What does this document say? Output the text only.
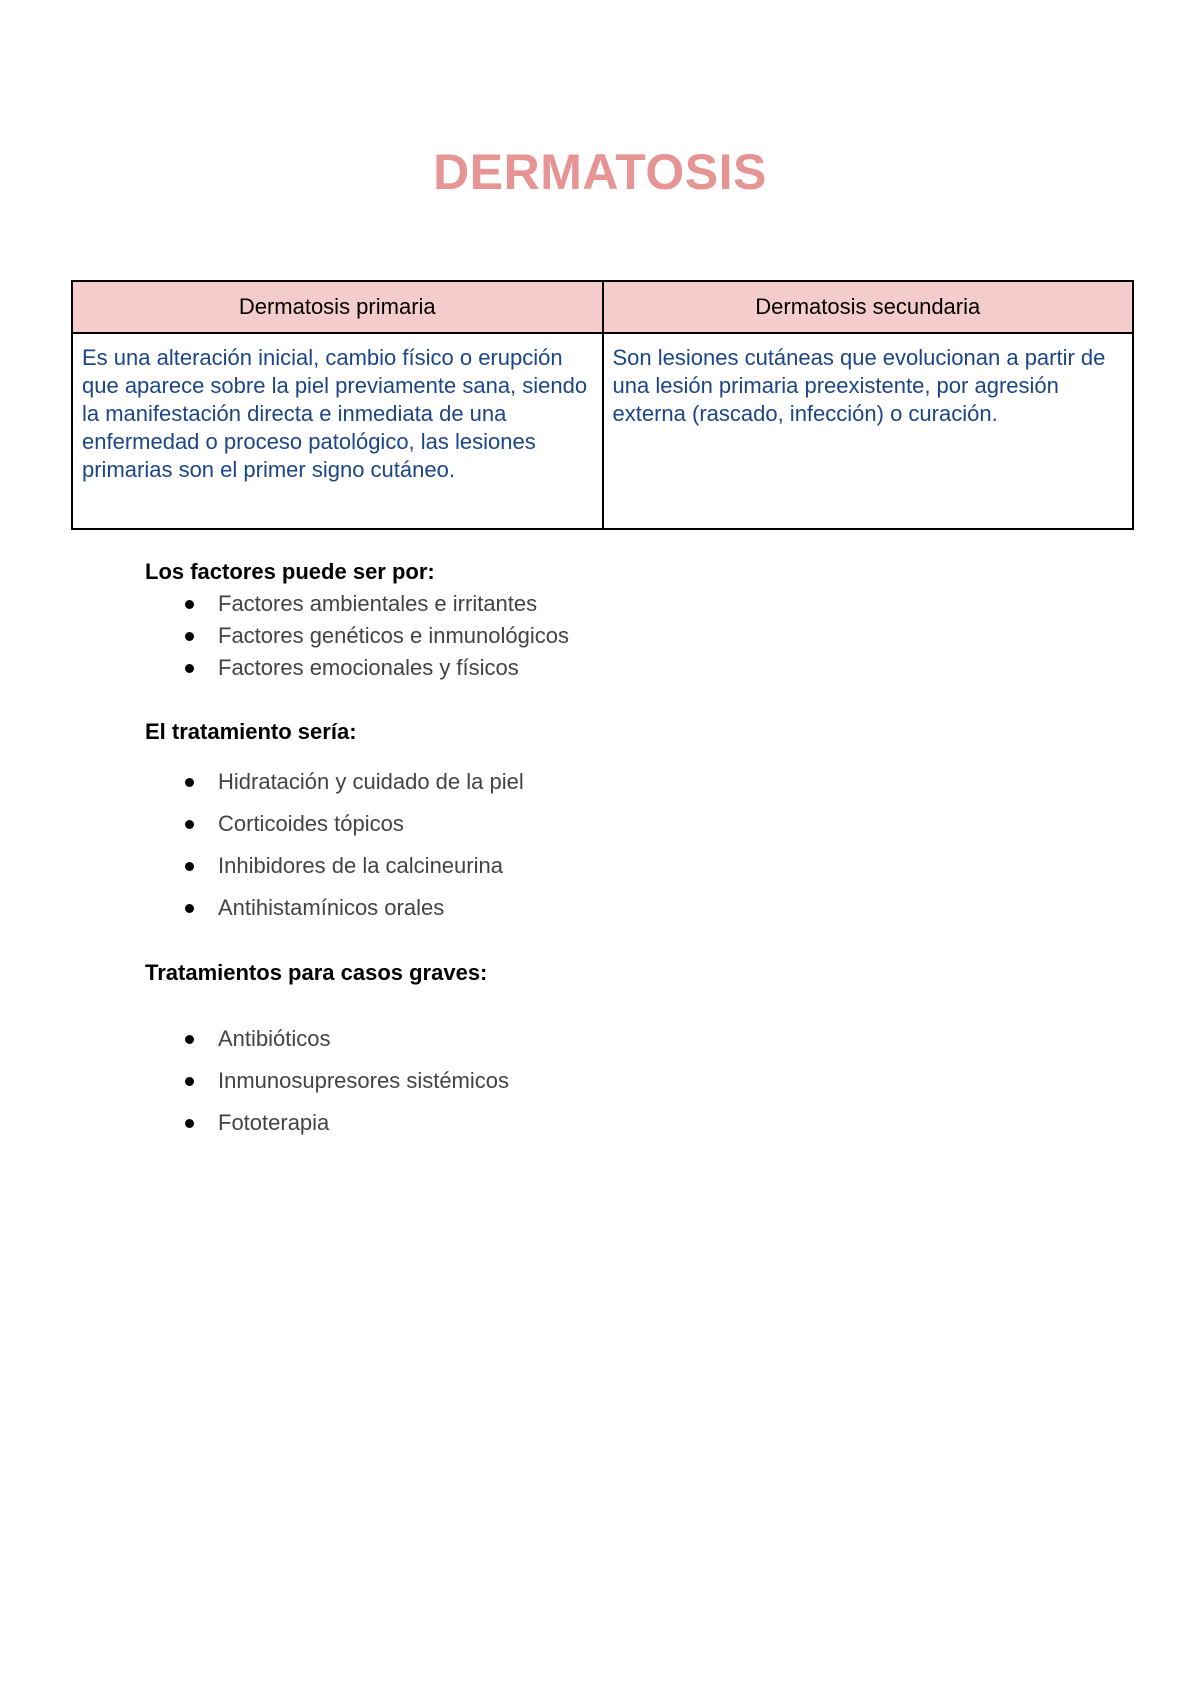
DERMATOSIS
Dermatosis primaria	Dermatosis secundaria
Es una alteración inicial, cambio físico o erupción que aparece sobre la piel previamente sana, siendo la manifestación directa e inmediata de una enfermedad o proceso patológico, las lesiones primarias son el primer signo cutáneo.	Son lesiones cutáneas que evolucionan a partir de una lesión primaria preexistente, por agresión externa (rascado, infección) o curación.
Los factores puede ser por:
Factores ambientales e irritantes
Factores genéticos e inmunológicos
Factores emocionales y físicos
El tratamiento sería:
Hidratación y cuidado de la piel
Corticoides tópicos
Inhibidores de la calcineurina
Antihistamínicos orales
Tratamientos para casos graves:
Antibióticos
Inmunosupresores sistémicos
Fototerapia
